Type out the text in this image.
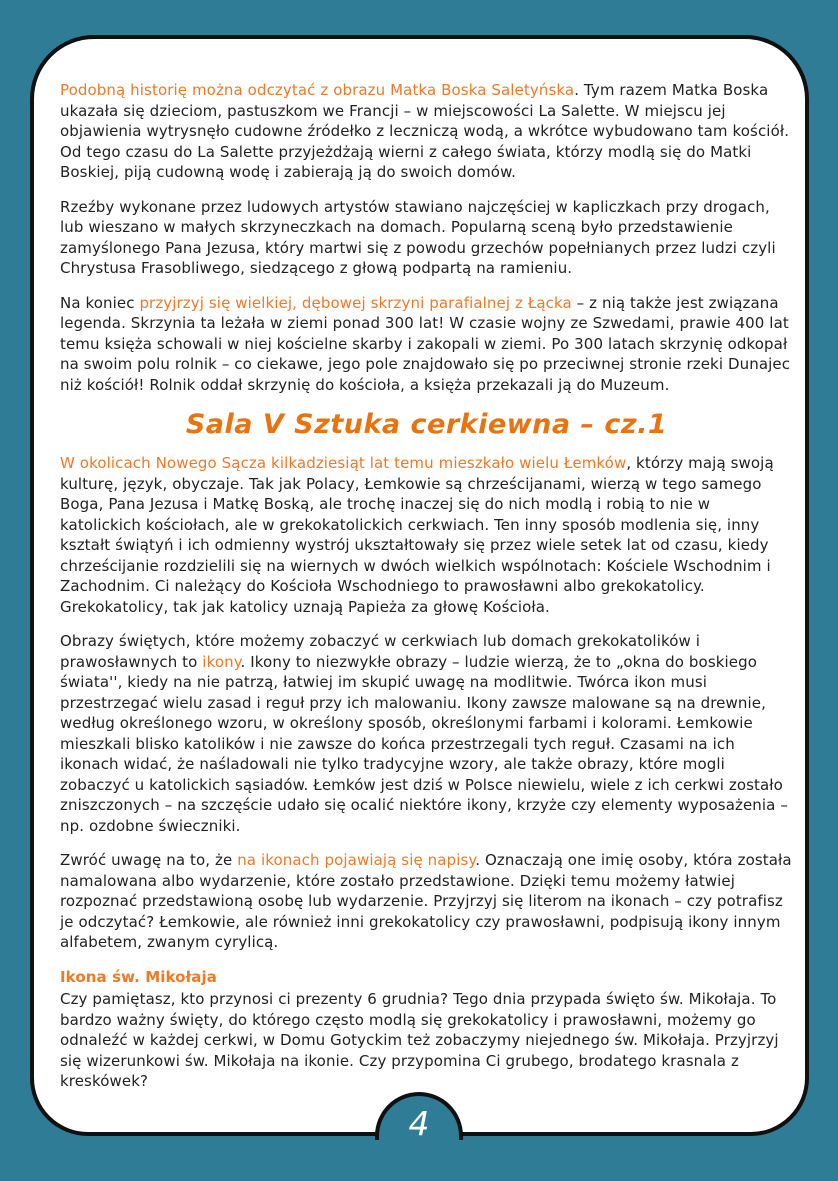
Podobną historię można odczytać z obrazu Matka Boska Saletyńska. Tym razem Matka Boska ukazała się dzieciom, pastuszkom we Francji – w miejscowości La Salette. W miejscu jej objawienia wytrysnęło cudowne źródełko z leczniczą wodą, a wkrótce wybudowano tam kościół. Od tego czasu do La Salette przyjeżdżają wierni z całego świata, którzy modlą się do Matki Boskiej, piją cudowną wodę i zabierają ją do swoich domów.

Rzeźby wykonane przez ludowych artystów stawiano najczęściej w kapliczkach przy drogach, lub wieszano w małych skrzyneczkach na domach. Popularną sceną było przedstawienie zamyślonego Pana Jezusa, który martwi się z powodu grzechów popełnianych przez ludzi czyli Chrystusa Frasobliwego, siedzącego z głową podpartą na ramieniu.

Na koniec przyjrzyj się wielkiej, dębowej skrzyni parafialnej z Łącka – z nią także jest związana legenda. Skrzynia ta leżała w ziemi ponad 300 lat! W czasie wojny ze Szwedami, prawie 400 lat temu księża schowali w niej kościelne skarby i zakopali w ziemi. Po 300 latach skrzynię odkopał na swoim polu rolnik – co ciekawe, jego pole znajdowało się po przeciwnej stronie rzeki Dunajec niż kościół! Rolnik oddał skrzynię do kościoła, a księża przekazali ją do Muzeum.

Sala V Sztuka cerkiewna – cz.1

W okolicach Nowego Sącza kilkadziesiąt lat temu mieszkało wielu Łemków, którzy mają swoją kulturę, język, obyczaje. Tak jak Polacy, Łemkowie są chrześcijanami, wierzą w tego samego Boga, Pana Jezusa i Matkę Boską, ale trochę inaczej się do nich modlą i robią to nie w katolickich kościołach, ale w grekokatolickich cerkwiach. Ten inny sposób modlenia się, inny kształt świątyń i ich odmienny wystrój ukształtowały się przez wiele setek lat od czasu, kiedy chrześcijanie rozdzielili się na wiernych w dwóch wielkich wspólnotach: Kościele Wschodnim i Zachodnim. Ci należący do Kościoła Wschodniego to prawosławni albo grekokatolicy. Grekokatolicy, tak jak katolicy uznają Papieża za głowę Kościoła.

Obrazy świętych, które możemy zobaczyć w cerkwiach lub domach grekokatolików i prawosławnych to ikony. Ikony to niezwykłe obrazy – ludzie wierzą, że to „okna do boskiego świata'', kiedy na nie patrzą, łatwiej im skupić uwagę na modlitwie. Twórca ikon musi przestrzegać wielu zasad i reguł przy ich malowaniu. Ikony zawsze malowane są na drewnie, według określonego wzoru, w określony sposób, określonymi farbami i kolorami. Łemkowie mieszkali blisko katolików i nie zawsze do końca przestrzegali tych reguł. Czasami na ich ikonach widać, że naśladowali nie tylko tradycyjne wzory, ale także obrazy, które mogli zobaczyć u katolickich sąsiadów. Łemków jest dziś w Polsce niewielu, wiele z ich cerkwi zostało zniszczonych – na szczęście udało się ocalić niektóre ikony, krzyże czy elementy wyposażenia – np. ozdobne świeczniki.

Zwróć uwagę na to, że na ikonach pojawiają się napisy. Oznaczają one imię osoby, która została namalowana albo wydarzenie, które zostało przedstawione. Dzięki temu możemy łatwiej rozpoznać przedstawioną osobę lub wydarzenie. Przyjrzyj się literom na ikonach – czy potrafisz je odczytać? Łemkowie, ale również inni grekokatolicy czy prawosławni, podpisują ikony innym alfabetem, zwanym cyrylicą.

Ikona św. Mikołaja

Czy pamiętasz, kto przynosi ci prezenty 6 grudnia? Tego dnia przypada święto św. Mikołaja. To bardzo ważny święty, do którego często modlą się grekokatolicy i prawosławni, możemy go odnaleźć w każdej cerkwi, w Domu Gotyckim też zobaczymy niejednego św. Mikołaja. Przyjrzyj się wizerunkowi św. Mikołaja na ikonie. Czy przypomina Ci grubego, brodatego krasnala z kreskówek?

4
